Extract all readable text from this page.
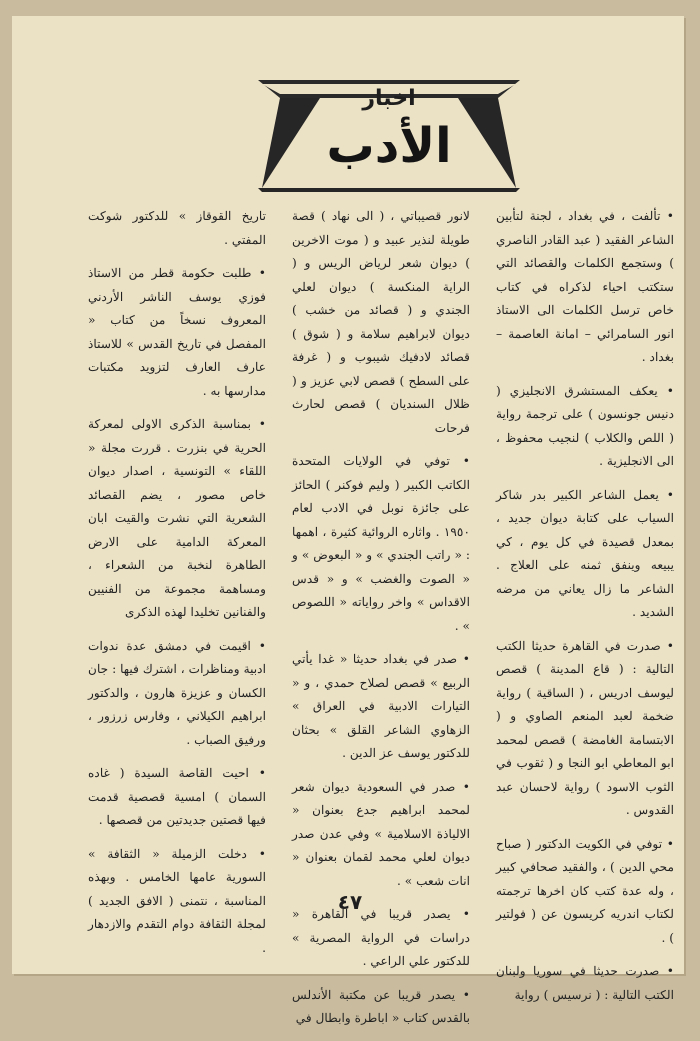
اخبار
الأدب

• تألفت ، في بغداد ، لجنة لتأبين الشاعر الفقيد ( عبد القادر الناصري ) وستجمع الكلمات والقصائد التي ستكتب احياء لذكراه في كتاب خاص ترسل الكلمات الى الاستاذ انور السامرائي – امانة العاصمة – بغداد .

• يعكف المستشرق الانجليزي ( دنيس جونسون ) على ترجمة رواية ( اللص والكلاب ) لنجيب محفوظ ، الى الانجليزية .

• يعمل الشاعر الكبير بدر شاكر السياب على كتابة ديوان جديد ، بمعدل قصيدة في كل يوم ، كي يبيعه وينفق ثمنه على العلاج . الشاعر ما زال يعاني من مرضه الشديد .

• صدرت في القاهرة حديثا الكتب التالية : ( قاع المدينة ) قصص ليوسف ادريس ، ( الساقية ) رواية ضخمة لعبد المنعم الصاوي و ( الابتسامة الغامضة ) قصص لمحمد ابو المعاطي ابو النجا و ( ثقوب في الثوب الاسود ) رواية لاحسان عبد القدوس .

• توفي في الكويت الدكتور ( صباح محي الدين ) ، والفقيد صحافي كبير ، وله عدة كتب كان اخرها ترجمته لكتاب اندريه كريسون عن ( فولتير ) .

• صدرت حديثا في سوريا ولبنان الكتب التالية : ( نرسيس ) رواية

لانور قصيباتي ، ( الى نهاد ) قصة طويلة لنذير عبيد و ( موت الاخرين ) ديوان شعر لرياض الريس و ( الراية المنكسة ) ديوان لعلي الجندي و ( قصائد من خشب ) ديوان لابراهيم سلامة و ( شوق ) قصائد لادفيك شيبوب و ( غرفة على السطح ) قصص لابي عزيز و ( ظلال السنديان ) قصص لحارث فرحات

• توفي في الولايات المتحدة الكاتب الكبير ( وليم فوكنر ) الحائز على جائزة نوبل في الادب لعام ١٩٥٠ . واثاره الروائية كثيرة ، اهمها : « راتب الجندي » و « البعوض » و « الصوت والغضب » و « قدس الاقداس » واخر رواياته « اللصوص » .

• صدر في بغداد حديثا « غدا يأتي الربيع » قصص لصلاح حمدي ، و « التيارات الادبية في العراق » الزهاوي الشاعر القلق » بحثان للدكتور يوسف عز الدين .

• صدر في السعودية ديوان شعر لمحمد ابراهيم جدع بعنوان « الالياذة الاسلامية » وفي عدن صدر ديوان لعلي محمد لقمان بعنوان « انات شعب » .

• يصدر قريبا في القاهرة « دراسات في الرواية المصرية » للدكتور علي الراعي .

• يصدر قريبا عن مكتبة الأندلس بالقدس كتاب « اباطرة وابطال في

تاريخ القوقاز » للدكتور شوكت المفتي .

• طلبت حكومة قطر من الاستاذ فوزي يوسف الناشر الأردني المعروف نسخاً من كتاب « المفصل في تاريخ القدس » للاستاذ عارف العارف لتزويد مكتبات مدارسها به .

• بمناسبة الذكرى الاولى لمعركة الحرية في بنزرت . قررت مجلة « اللقاء » التونسية ، اصدار ديوان خاص مصور ، يضم القصائد الشعرية التي نشرت والقيت ابان المعركة الدامية على الارض الطاهرة لنخبة من الشعراء ، ومساهمة مجموعة من الفنيين والفنانين تخليدا لهذه الذكرى

• اقيمت في دمشق عدة ندوات ادبية ومناظرات ، اشترك فيها : جان الكسان و عزيزة هارون ، والدكتور ابراهيم الكيلاني ، وفارس زرزور ، ورفيق الصباب .

• احيت القاصة السيدة ( غاده السمان ) امسية قصصية قدمت فيها قصتين جديدتين من قصصها .

• دخلت الزميلة « الثقافة » السورية عامها الخامس . وبهذه المناسبة ، نتمنى ( الافق الجديد ) لمجلة الثقافة دوام التقدم والازدهار .

٤٧
